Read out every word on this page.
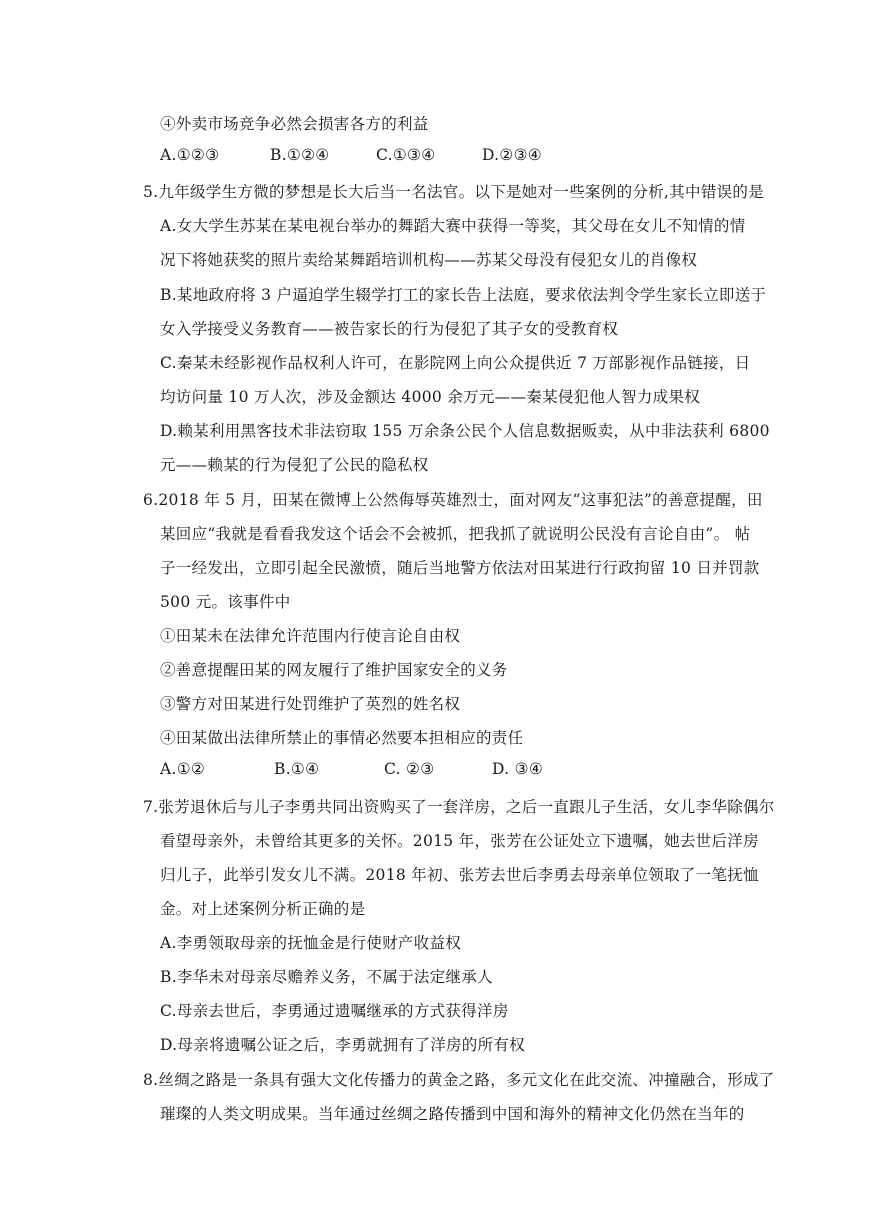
④外卖市场竞争必然会损害各方的利益
A.①②③	B.①②④	C.①③④	D.②③④
5.九年级学生方微的梦想是长大后当一名法官。以下是她对一些案例的分析,其中错误的是
A.女大学生苏某在某电视台举办的舞蹈大赛中获得一等奖，其父母在女儿不知情的情
况下将她获奖的照片卖给某舞蹈培训机构——苏某父母没有侵犯女儿的肖像权
B.某地政府将 3 户逼迫学生辍学打工的家长告上法庭，要求依法判令学生家长立即送于
女入学接受义务教育——被告家长的行为侵犯了其子女的受教育权
C.秦某未经影视作品权利人许可，在影院网上向公众提供近 7 万部影视作品链接，日
均访问量 10 万人次，涉及金额达 4000 余万元——秦某侵犯他人智力成果权
D.赖某利用黑客技术非法窃取 155 万余条公民个人信息数据贩卖，从中非法获利 6800
元——赖某的行为侵犯了公民的隐私权
6.2018 年 5 月，田某在微博上公然侮辱英雄烈士，面对网友“这事犯法”的善意提醒，田
某回应“我就是看看我发这个话会不会被抓，把我抓了就说明公民没有言论自由”。 帖
子一经发出，立即引起全民激愤，随后当地警方依法对田某进行行政拘留 10 日并罚款
500 元。该事件中
①田某未在法律允许范围内行使言论自由权
②善意提醒田某的网友履行了维护国家安全的义务
③警方对田某进行处罚维护了英烈的姓名权
④田某做出法律所禁止的事情必然要本担相应的责任
A.①②	B.①④	C. ②③	D. ③④
7.张芳退休后与儿子李勇共同出资购买了一套洋房，之后一直跟儿子生活，女儿李华除偶尔
看望母亲外，未曾给其更多的关怀。2015 年，张芳在公证处立下遗嘱，她去世后洋房
归儿子，此举引发女儿不满。2018 年初、张芳去世后李勇去母亲单位领取了一笔抚恤
金。对上述案例分析正确的是
A.李勇领取母亲的抚恤金是行使财产收益权
B.李华未对母亲尽赡养义务，不属于法定继承人
C.母亲去世后，李勇通过遗嘱继承的方式获得洋房
D.母亲将遗嘱公证之后，李勇就拥有了洋房的所有权
8.丝绸之路是一条具有强大文化传播力的黄金之路，多元文化在此交流、冲撞融合，形成了
璀璨的人类文明成果。当年通过丝绸之路传播到中国和海外的精神文化仍然在当年的
